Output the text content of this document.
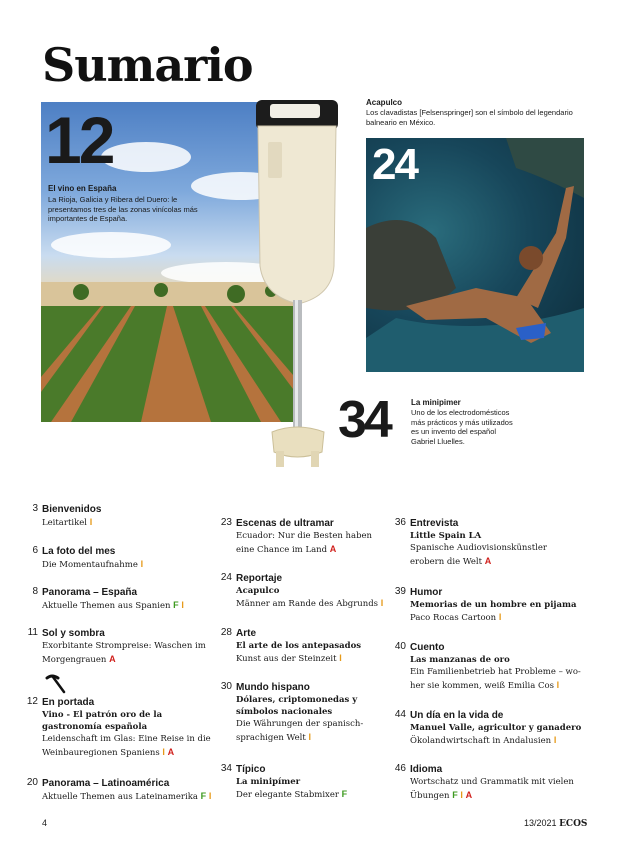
Sumario
12
El vino en España
La Rioja, Galicia y Ribera del Duero: le presentamos tres de las zonas vinícolas más importantes de España.
Acapulco
Los clavadistas [Felsenspringer] son el símbolo del legendario balneario en México.
24
34	La minipimer
Uno de los electrodomésticos más prácticos y más utilizados es un invento del español Gabriel Lluelles.
3 Bienvenidos
Leitartikel I
6 La foto del mes
Die Momentaufnahme I
8 Panorama – España
Aktuelle Themen aus Spanien F I
11 Sol y sombra
Exorbitante Strompreise: Waschen im
Morgengrauen A
12 En portada
Vino - El patrón oro de la
gastronomía española
Leidenschaft im Glas: Eine Reise in die
Weinbauregionen Spaniens I A
20 Panorama – Latinoamérica
Aktuelle Themen aus Lateinamerika F I
23 Escenas de ultramar
Ecuador: Nur die Besten haben
eine Chance im Land A
24 Reportaje
Acapulco
Männer am Rande des Abgrunds I
28 Arte
El arte de los antepasados
Kunst aus der Steinzeit I
30 Mundo hispano
Dólares, criptomonedas y
símbolos nacionales
Die Währungen der spanisch-
sprachigen Welt I
34 Típico
La minipímer
Der elegante Stabmixer F
36 Entrevista
Little Spain LA
Spanische Audiovisionskünstler
erobern die Welt A
39 Humor
Memorias de un hombre en pijama
Paco Rocas Cartoon I
40 Cuento
Las manzanas de oro
Ein Familienbetrieb hat Probleme – wo-
her sie kommen, weiß Emilia Cos I
44 Un día en la vida de
Manuel Valle, agricultor y ganadero
Ökolandwirtschaft in Andalusien I
46 Idioma
Wortschatz und Grammatik mit vielen
Übungen F I A
4	13/2021 ECOS
